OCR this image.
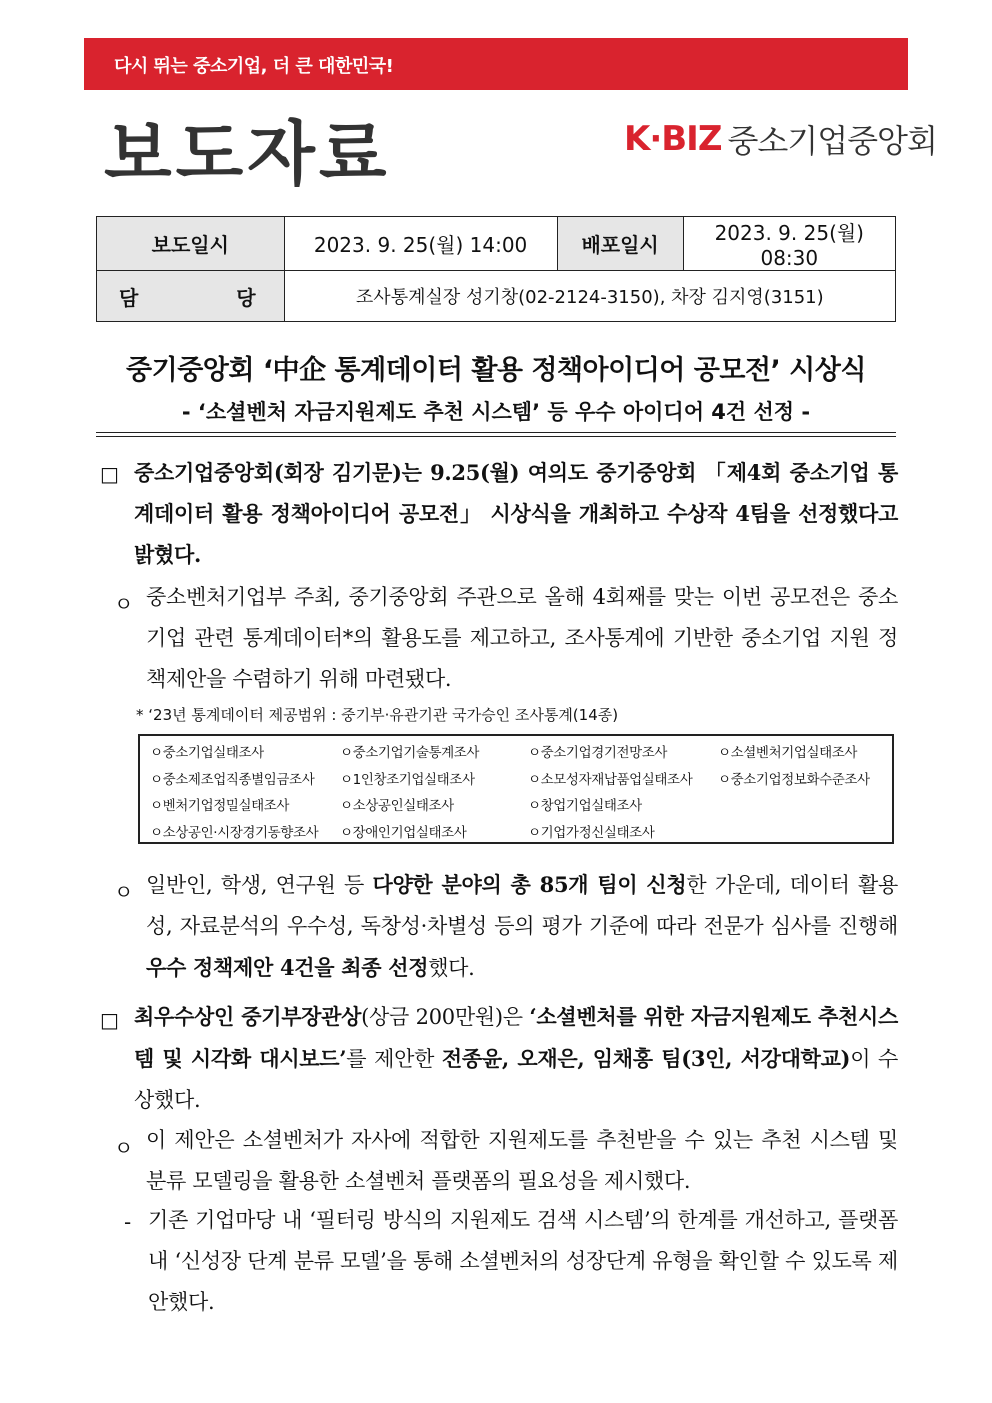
다시 뛰는 중소기업, 더 큰 대한민국!
보도자료	K·BIZ 중소기업중앙회
보도일시	2023. 9. 25(월) 14:00	배포일시	2023. 9. 25(월) 08:30
담  당	조사통계실장 성기창(02-2124-3150), 차장 김지영(3151)		
중기중앙회 ‘中企 통계데이터 활용 정책아이디어 공모전’ 시상식
- ‘소셜벤처 자금지원제도 추천 시스템’ 등 우수 아이디어 4건 선정 -
□ 중소기업중앙회(회장 김기문)는 9.25(월) 여의도 중기중앙회 「제4회 중소기업 통계데이터 활용 정책아이디어 공모전」 시상식을 개최하고 수상작 4팀을 선정했다고 밝혔다.
ㅇ 중소벤처기업부 주최, 중기중앙회 주관으로 올해 4회째를 맞는 이번 공모전은 중소기업 관련 통계데이터*의 활용도를 제고하고, 조사통계에 기반한 중소기업 지원 정책제안을 수렴하기 위해 마련됐다.
* ‘23년 통계데이터 제공범위 : 중기부·유관기관 국가승인 조사통계(14종)
ㅇ중소기업실태조사	ㅇ중소기업기술통계조사	ㅇ중소기업경기전망조사	ㅇ소셜벤처기업실태조사
ㅇ중소제조업직종별임금조사	ㅇ1인창조기업실태조사	ㅇ소모성자재납품업실태조사	ㅇ중소기업정보화수준조사
ㅇ벤처기업정밀실태조사	ㅇ소상공인실태조사	ㅇ창업기업실태조사
ㅇ소상공인·시장경기동향조사	ㅇ장애인기업실태조사	ㅇ기업가정신실태조사
ㅇ 일반인, 학생, 연구원 등 다양한 분야의 총 85개 팀이 신청한 가운데, 데이터 활용성, 자료분석의 우수성, 독창성·차별성 등의 평가 기준에 따라 전문가 심사를 진행해 우수 정책제안 4건을 최종 선정했다.
□ 최우수상인 중기부장관상(상금 200만원)은 ‘소셜벤처를 위한 자금지원제도 추천시스템 및 시각화 대시보드’를 제안한 전종윤, 오재은, 임채홍 팀(3인, 서강대학교)이 수상했다.
ㅇ 이 제안은 소셜벤처가 자사에 적합한 지원제도를 추천받을 수 있는 추천 시스템 및 분류 모델링을 활용한 소셜벤처 플랫폼의 필요성을 제시했다.
- 기존 기업마당 내 ‘필터링 방식의 지원제도 검색 시스템’의 한계를 개선하고, 플랫폼 내 ‘신성장 단계 분류 모델’을 통해 소셜벤처의 성장단계 유형을 확인할 수 있도록 제안했다.
